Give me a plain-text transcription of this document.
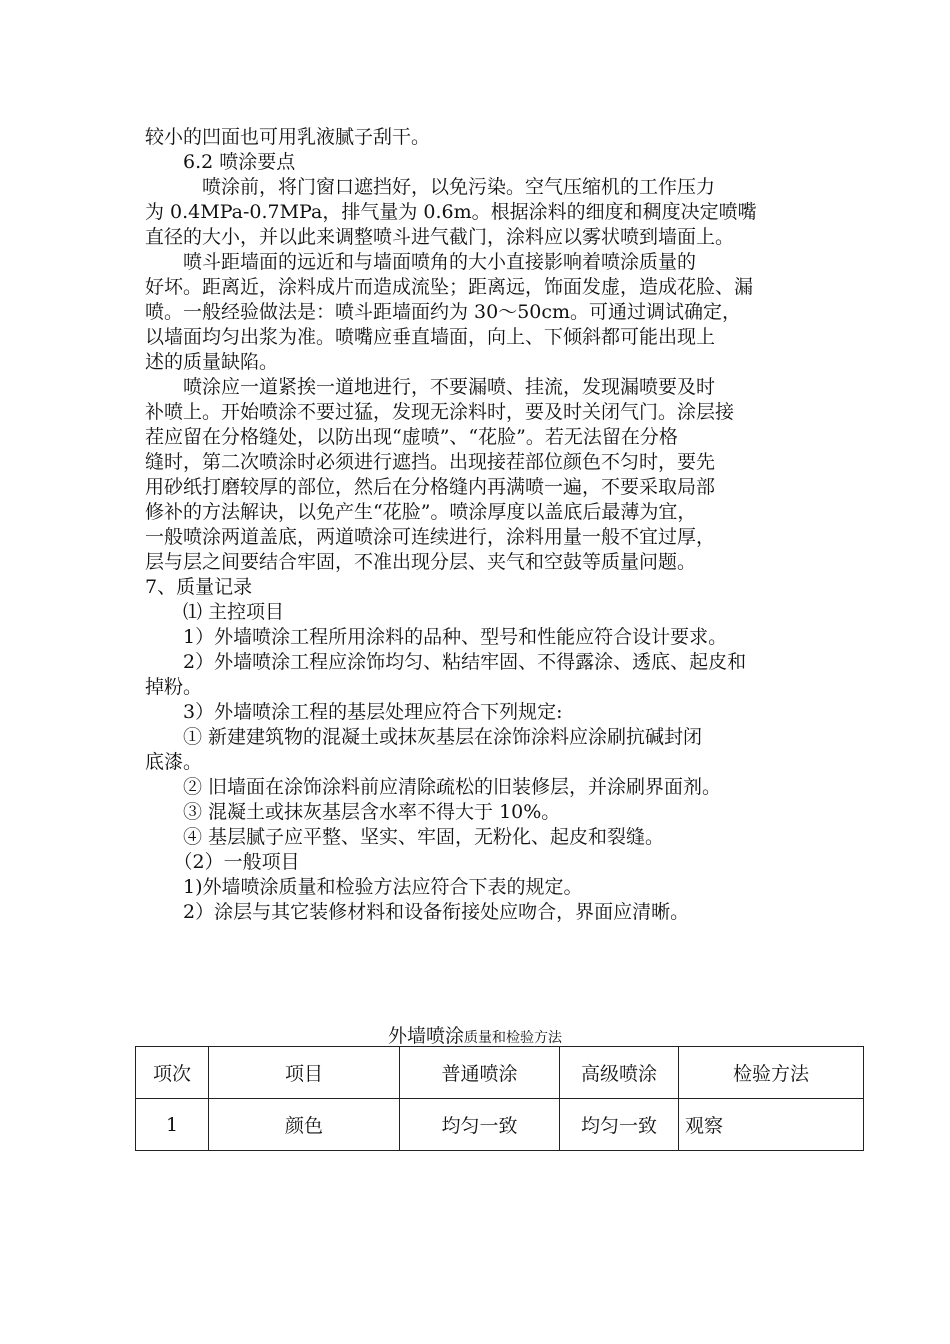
较小的凹面也可用乳液腻子刮干。

　　6.2 喷涂要点

　　　喷涂前，将门窗口遮挡好，以免污染。空气压缩机的工作压力

为 0.4MPa-0.7MPa，排气量为 0.6m。根据涂料的细度和稠度决定喷嘴

直径的大小，并以此来调整喷斗进气截门，涂料应以雾状喷到墙面上。

　　喷斗距墙面的远近和与墙面喷角的大小直接影响着喷涂质量的

好坏。距离近，涂料成片而造成流坠；距离远，饰面发虚，造成花脸、漏

喷。一般经验做法是：喷斗距墙面约为 30～50cm。可通过调试确定，

以墙面均匀出浆为准。喷嘴应垂直墙面，向上、下倾斜都可能出现上

述的质量缺陷。

　　喷涂应一道紧挨一道地进行，不要漏喷、挂流，发现漏喷要及时

补喷上。开始喷涂不要过猛，发现无涂料时，要及时关闭气门。涂层接

茬应留在分格缝处，以防出现“虚喷”、“花脸”。若无法留在分格

缝时，第二次喷涂时必须进行遮挡。出现接茬部位颜色不匀时，要先

用砂纸打磨较厚的部位，然后在分格缝内再满喷一遍，不要采取局部

修补的方法解诀，以免产生“花脸”。喷涂厚度以盖底后最薄为宜，

一般喷涂两道盖底，两道喷涂可连续进行，涂料用量一般不宜过厚，

层与层之间要结合牢固，不准出现分层、夹气和空鼓等质量问题。

7、质量记录

　　⑴ 主控项目

　　1）外墙喷涂工程所用涂料的品种、型号和性能应符合设计要求。

　　2）外墙喷涂工程应涂饰均匀、粘结牢固、不得露涂、透底、起皮和

掉粉。

　　3）外墙喷涂工程的基层处理应符合下列规定:

　　① 新建建筑物的混凝土或抹灰基层在涂饰涂料应涂刷抗碱封闭

底漆。

　　② 旧墙面在涂饰涂料前应清除疏松的旧装修层，并涂刷界面剂。

　　③ 混凝土或抹灰基层含水率不得大于 10%。

　　④ 基层腻子应平整、坚实、牢固，无粉化、起皮和裂缝。

　　（2）一般项目

　　1)外墙喷涂质量和检验方法应符合下表的规定。

　　2）涂层与其它装修材料和设备衔接处应吻合，界面应清晰。

外墙喷涂质量和检验方法
项次	项目	普通喷涂	高级喷涂	检验方法
1	颜色	均匀一致	均匀一致	观察
